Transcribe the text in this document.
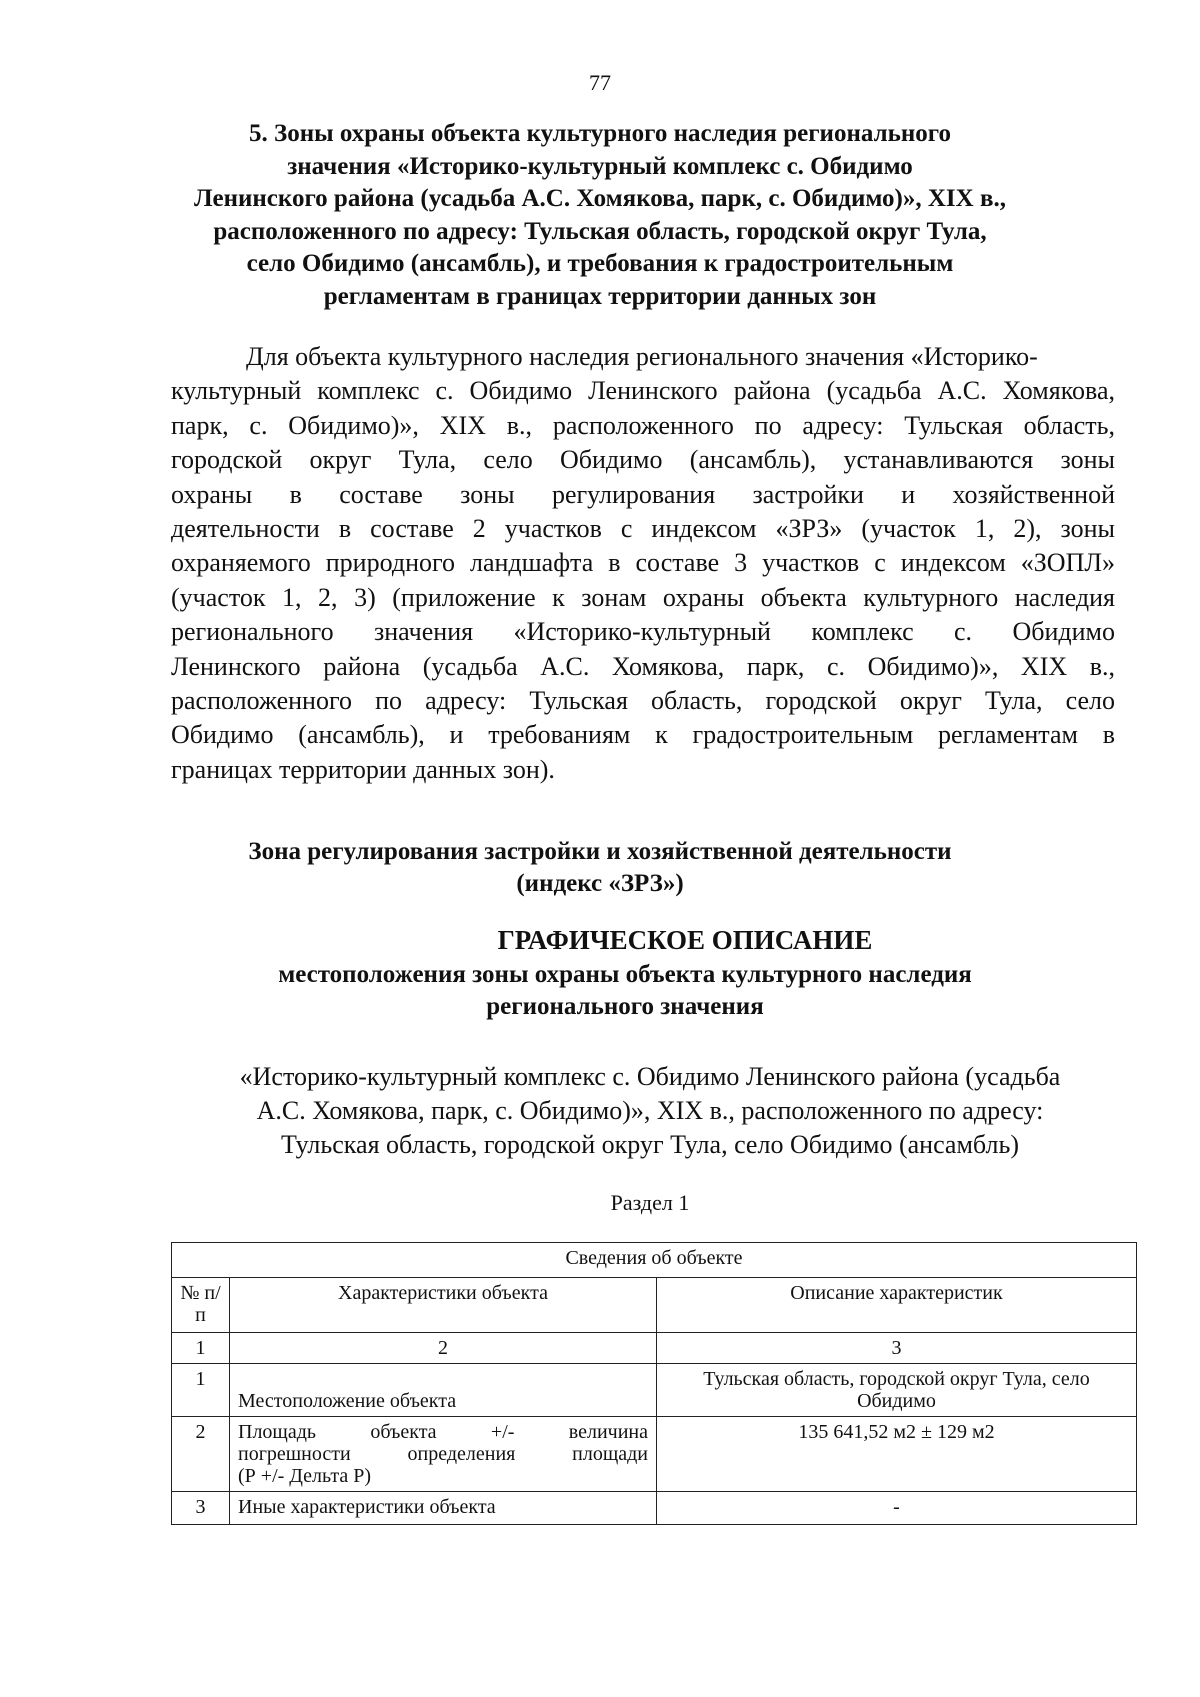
77
5. Зоны охраны объекта культурного наследия регионального
значения «Историко-культурный комплекс с. Обидимо
Ленинского района (усадьба А.С. Хомякова, парк, с. Обидимо)», XIX в.,
расположенного по адресу: Тульская область, городской округ Тула,
село Обидимо (ансамбль), и требования к градостроительным
регламентам в границах территории данных зон
Для объекта культурного наследия регионального значения «Историко-
культурный комплекс с. Обидимо Ленинского района (усадьба А.С. Хомякова,
парк, с. Обидимо)», XIX в., расположенного по адресу: Тульская область,
городской округ Тула, село Обидимо (ансамбль), устанавливаются зоны
охраны в составе зоны регулирования застройки и хозяйственной
деятельности в составе 2 участков с индексом «ЗРЗ» (участок 1, 2), зоны
охраняемого природного ландшафта в составе 3 участков с индексом «ЗОПЛ»
(участок 1, 2, 3) (приложение к зонам охраны объекта культурного наследия
регионального значения «Историко-культурный комплекс с. Обидимо
Ленинского района (усадьба А.С. Хомякова, парк, с. Обидимо)», XIX в.,
расположенного по адресу: Тульская область, городской округ Тула, село
Обидимо (ансамбль), и требованиям к градостроительным регламентам в
границах территории данных зон).
Зона регулирования застройки и хозяйственной деятельности
(индекс «ЗРЗ»)
ГРАФИЧЕСКОЕ ОПИСАНИЕ
местоположения зоны охраны объекта культурного наследия
регионального значения
«Историко-культурный комплекс с. Обидимо Ленинского района (усадьба
А.С. Хомякова, парк, с. Обидимо)», XIX в., расположенного по адресу:
Тульская область, городской округ Тула, село Обидимо (ансамбль)
Раздел 1
Сведения об объекте		
№ п/п	Характеристики объекта	Описание характеристик
1	2	3
1	Местоположение объекта	Тульская область, городской округ Тула, село Обидимо
2	Площадь объекта +/- величина
погрешности определения площади
(Р +/- Дельта Р)	135 641,52 м2 ± 129 м2
3	Иные характеристики объекта	-
